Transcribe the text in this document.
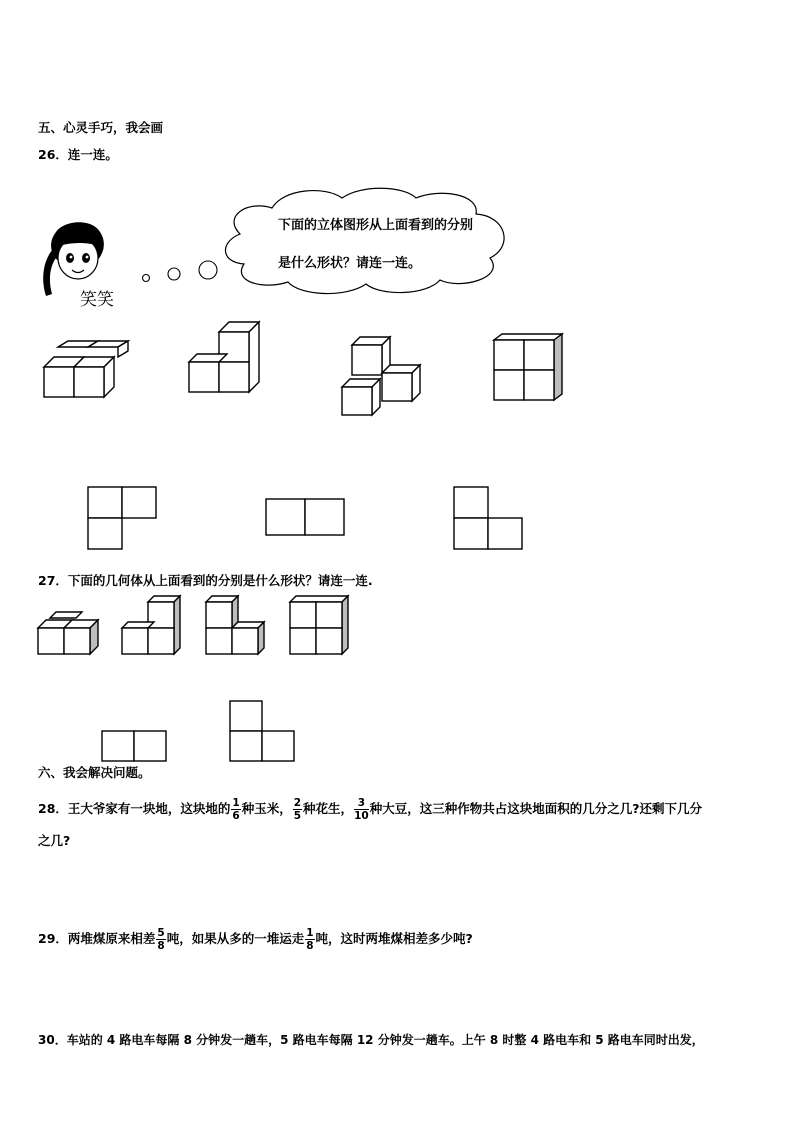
五、心灵手巧，我会画
26．连一连。
笑笑
下面的立体图形从上面看到的分别
是什么形状？请连一连。
27．下面的几何体从上面看到的分别是什么形状？请连一连.
六、我会解决问题。
28．王大爷家有一块地，这块地的 $\frac{1}{6}$ 种玉米， $\frac{2}{5}$ 种花生， $\frac{3}{10}$ 种大豆，这三种作物共占这块地面积的几分之几?还剩下几分
之几?
29．两堆煤原来相差 $\frac{5}{8}$ 吨，如果从多的一堆运走 $\frac{1}{8}$ 吨，这时两堆煤相差多少吨?
30．车站的 4 路电车每隔 8 分钟发一趟车，5 路电车每隔 12 分钟发一趟车。上午 8 时整 4 路电车和 5 路电车同时出发，
